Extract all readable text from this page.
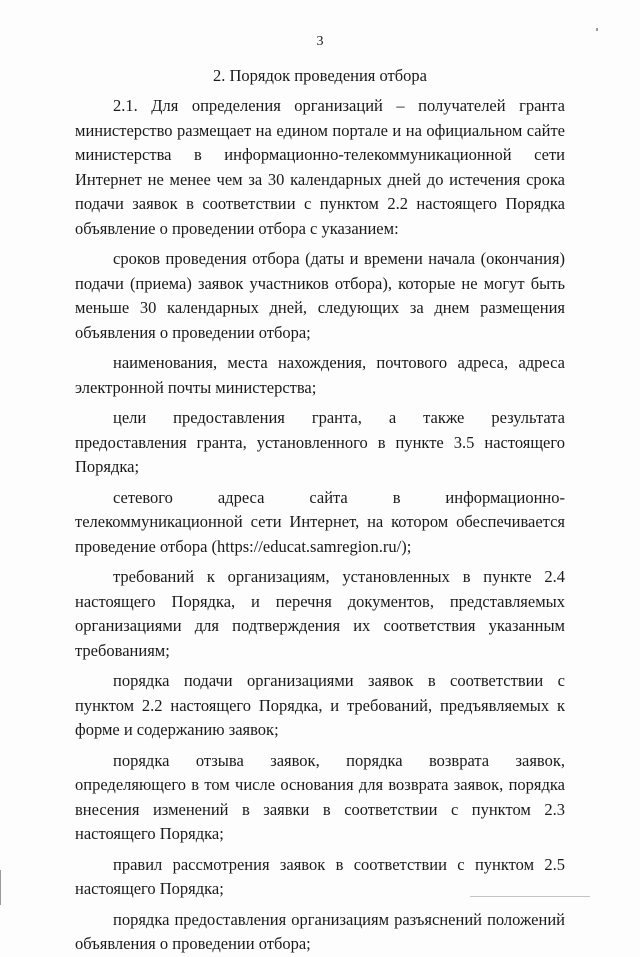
3
2. Порядок проведения отбора

2.1. Для определения организаций – получателей гранта министерство размещает на едином портале и на официальном сайте министерства в информационно-телекоммуникационной сети Интернет не менее чем за 30 календарных дней до истечения срока подачи заявок в соответствии с пунктом 2.2 настоящего Порядка объявление о проведении отбора с указанием:

сроков проведения отбора (даты и времени начала (окончания) подачи (приема) заявок участников отбора), которые не могут быть меньше 30 календарных дней, следующих за днем размещения объявления о проведении отбора;

наименования, места нахождения, почтового адреса, адреса электронной почты министерства;

цели предоставления гранта, а также результата предоставления гранта, установленного в пункте 3.5 настоящего Порядка;

сетевого адреса сайта в информационно-телекоммуникационной сети Интернет, на котором обеспечивается проведение отбора (https://educat.samregion.ru/);

требований к организациям, установленных в пункте 2.4 настоящего Порядка, и перечня документов, представляемых организациями для подтверждения их соответствия указанным требованиям;

порядка подачи организациями заявок в соответствии с пунктом 2.2 настоящего Порядка, и требований, предъявляемых к форме и содержанию заявок;

порядка отзыва заявок, порядка возврата заявок, определяющего в том числе основания для возврата заявок, порядка внесения изменений в заявки в соответствии с пунктом 2.3 настоящего Порядка;

правил рассмотрения заявок в соответствии с пунктом 2.5 настоящего Порядка;

порядка предоставления организациям разъяснений положений объявления о проведении отбора;
